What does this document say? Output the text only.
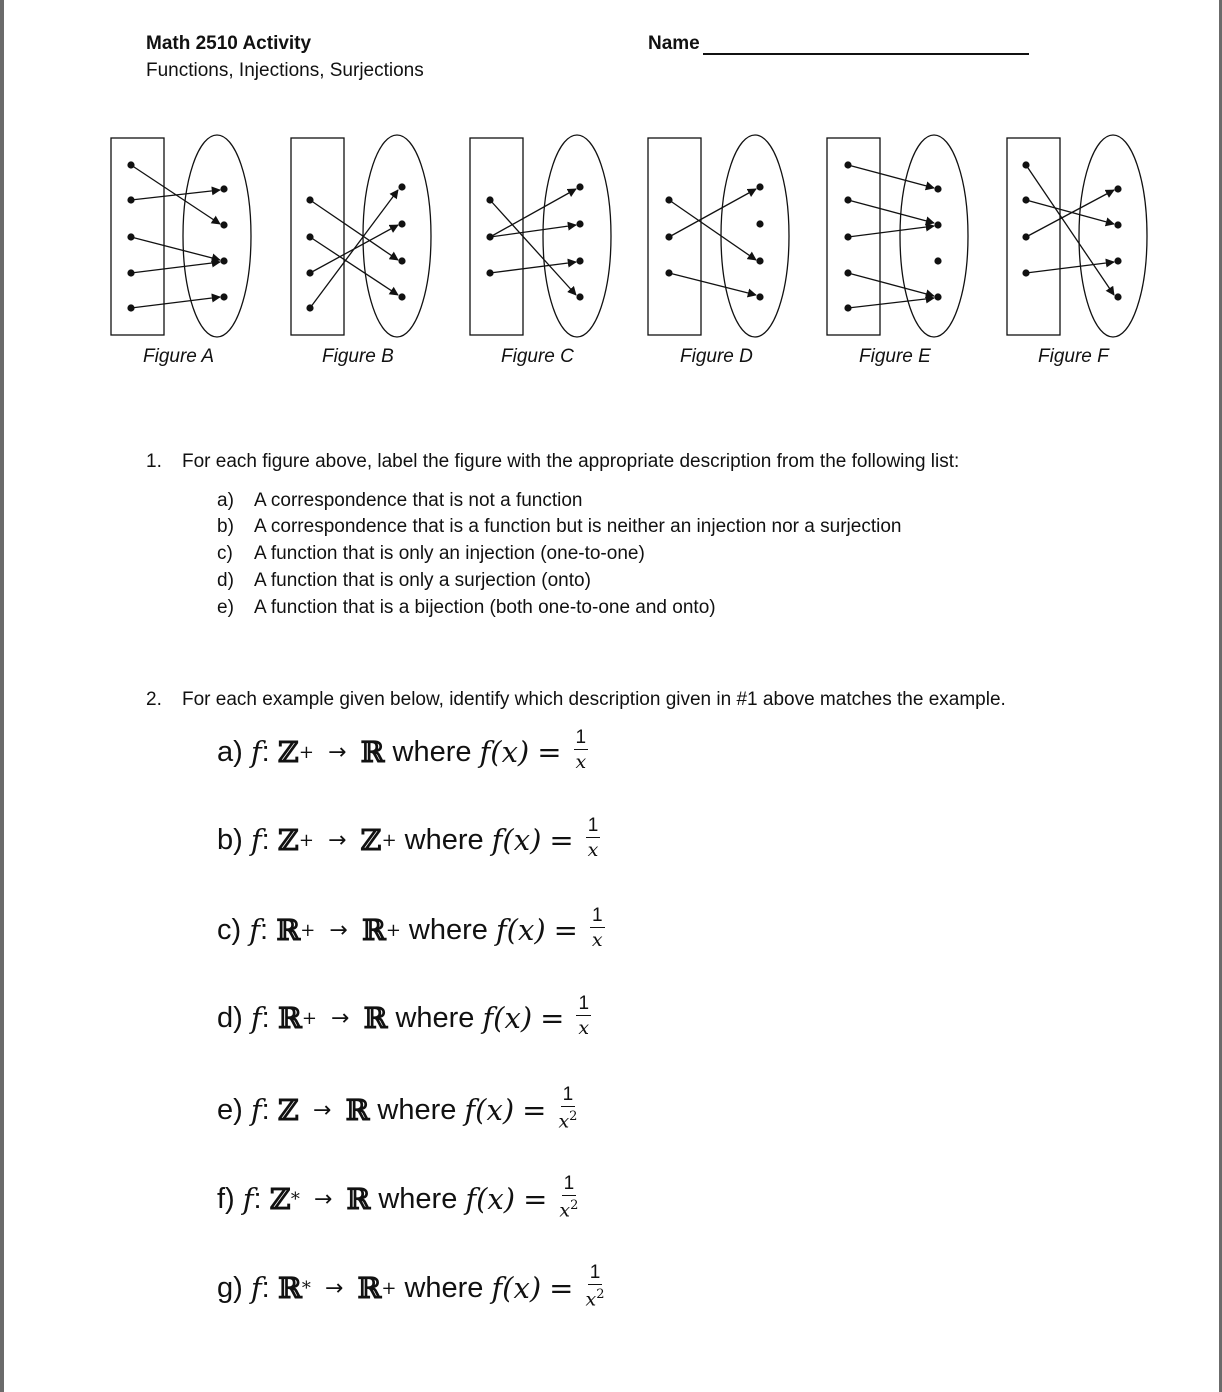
Math 2510 Activity
Functions, Injections, Surjections
Name
Figure A	Figure B	Figure C	Figure D	Figure E	Figure F
1. For each figure above, label the figure with the appropriate description from the following list:
a) A correspondence that is not a function
b) A correspondence that is a function but is neither an injection nor a surjection
c) A function that is only an injection (one-to-one)
d) A function that is only a surjection (onto)
e) A function that is a bijection (both one-to-one and onto)
2. For each example given below, identify which description given in #1 above matches the example.
a) f : ℤ + → ℝ where $f(x) = \frac{1}{x}$
b) f : ℤ + → ℤ + where $f(x) = \frac{1}{x}$
c) f : ℝ + → ℝ + where $f(x) = \frac{1}{x}$
d) f : ℝ + → ℝ where $f(x) = \frac{1}{x}$
e) f : ℤ → ℝ where $f(x) = \frac{1}{x^2}$
f) f : ℤ * → ℝ where $f(x) = \frac{1}{x^2}$
g) f : ℝ * → ℝ + where $f(x) = \frac{1}{x^2}$
